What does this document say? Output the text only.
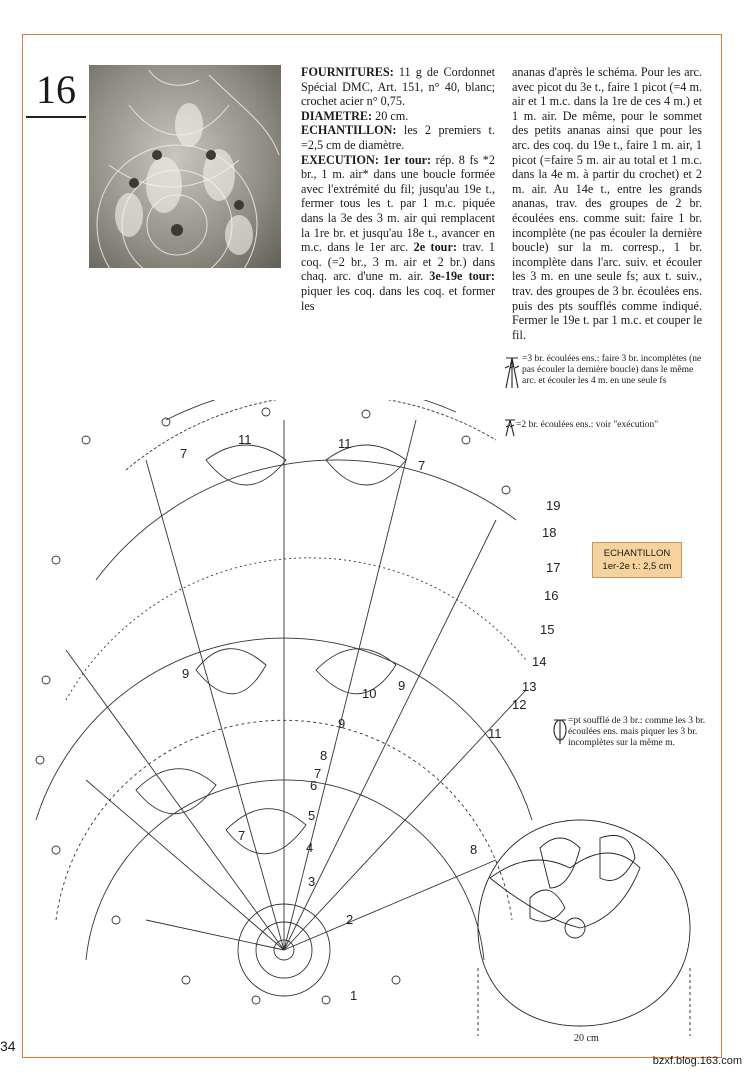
16	FOURNITURES: 11 g de Cordonnet Spécial DMC, Art. 151, n° 40, blanc; crochet acier n° 0,75.

DIAMETRE: 20 cm.

ECHANTILLON: les 2 premiers t. =2,5 cm de diamètre.

EXECUTION: 1er tour: rép. 8 fs *2 br., 1 m. air* dans une boucle formée avec l'extrémité du fil; jusqu'au 19e t., fermer tous les t. par 1 m.c. piquée dans la 3e des 3 m. air qui remplacent la 1re br. et jusqu'au 18e t., avancer en m.c. dans le 1er arc. 2e tour: trav. 1 coq. (=2 br., 3 m. air et 2 br.) dans chaq. arc. d'une m. air. 3e-19e tour: piquer les coq. dans les coq. et former les

ananas d'après le schéma. Pour les arc. avec picot du 3e t., faire 1 picot (=4 m. air et 1 m.c. dans la 1re de ces 4 m.) et 1 m. air. De même, pour le sommet des petits ananas ainsi que pour les arc. des coq. du 19e t., faire 1 m. air, 1 picot (=faire 5 m. air au total et 1 m.c. dans la 4e m. à partir du crochet) et 2 m. air. Au 14e t., entre les grands ananas, trav. des groupes de 2 br. écoulées ens. comme suit: faire 1 br. incomplète (ne pas écouler la dernière boucle) sur la m. corresp., 1 br. incomplète dans l'arc. suiv. et écouler les 3 m. en une seule fs; aux t. suiv., trav. des groupes de 3 br. écoulées ens. puis des pts soufflés comme indiqué. Fermer le 19e t. par 1 m.c. et couper le fil.

=3 br. écoulées ens.: faire 3 br. incomplètes (ne pas écouler la dernière boucle) dans le même arc. et écouler les 4 m. en une seule fs
=2 br. écoulées ens.: voir "exécution"
=pt soufflé de 3 br.: comme les 3 br. écoulées ens. mais piquer les 3 br. incomplètes sur la même m.
ECHANTILLON
1er-2e t.: 2,5 cm
19
18
17
16
15
14
13
12
11
11	11
7
7
9
9
10
9
8
7
6
5
4
3
2
1
8
7
20 cm
34
bzxf.blog.163.com
